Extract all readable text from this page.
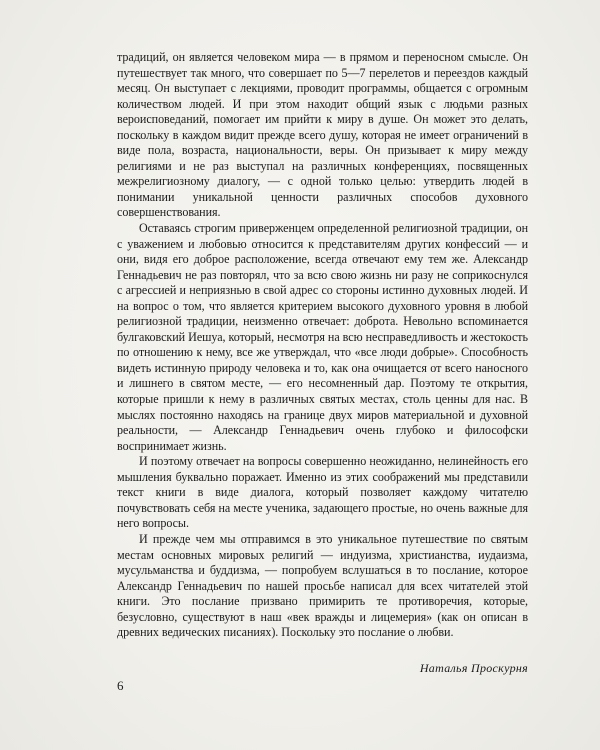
традиций, он является человеком мира — в прямом и переносном смысле. Он путешествует так много, что совершает по 5—7 перелетов и переездов каждый месяц. Он выступает с лекциями, проводит программы, общается с огромным количеством людей. И при этом находит общий язык с людьми разных вероисповеданий, помогает им прийти к миру в душе. Он может это делать, поскольку в каждом видит прежде всего душу, которая не имеет ограничений в виде пола, возраста, национальности, веры. Он призывает к миру между религиями и не раз выступал на различных конференциях, посвященных межрелигиозному диалогу, — с одной только целью: утвердить людей в понимании уникальной ценности различных способов духовного совершенствования.

Оставаясь строгим приверженцем определенной религиозной традиции, он с уважением и любовью относится к представителям других конфессий — и они, видя его доброе расположение, всегда отвечают ему тем же. Александр Геннадьевич не раз повторял, что за всю свою жизнь ни разу не соприкоснулся с агрессией и неприязнью в свой адрес со стороны истинно духовных людей. И на вопрос о том, что является критерием высокого духовного уровня в любой религиозной традиции, неизменно отвечает: доброта. Невольно вспоминается булгаковский Иешуа, который, несмотря на всю несправедливость и жестокость по отношению к нему, все же утверждал, что «все люди добрые». Способность видеть истинную природу человека и то, как она очищается от всего наносного и лишнего в святом месте, — его несомненный дар. Поэтому те открытия, которые пришли к нему в различных святых местах, столь ценны для нас. В мыслях постоянно находясь на границе двух миров материальной и духовной реальности, — Александр Геннадьевич очень глубоко и философски воспринимает жизнь.

И поэтому отвечает на вопросы совершенно неожиданно, нелинейность его мышления буквально поражает. Именно из этих соображений мы представили текст книги в виде диалога, который позволяет каждому читателю почувствовать себя на месте ученика, задающего простые, но очень важные для него вопросы.

И прежде чем мы отправимся в это уникальное путешествие по святым местам основных мировых религий — индуизма, христианства, иудаизма, мусульманства и буддизма, — попробуем вслушаться в то послание, которое Александр Геннадьевич по нашей просьбе написал для всех читателей этой книги. Это послание призвано примирить те противоречия, которые, безусловно, существуют в наш «век вражды и лицемерия» (как он описан в древних ведических писаниях). Поскольку это послание о любви.

Наталья Проскурня
6
